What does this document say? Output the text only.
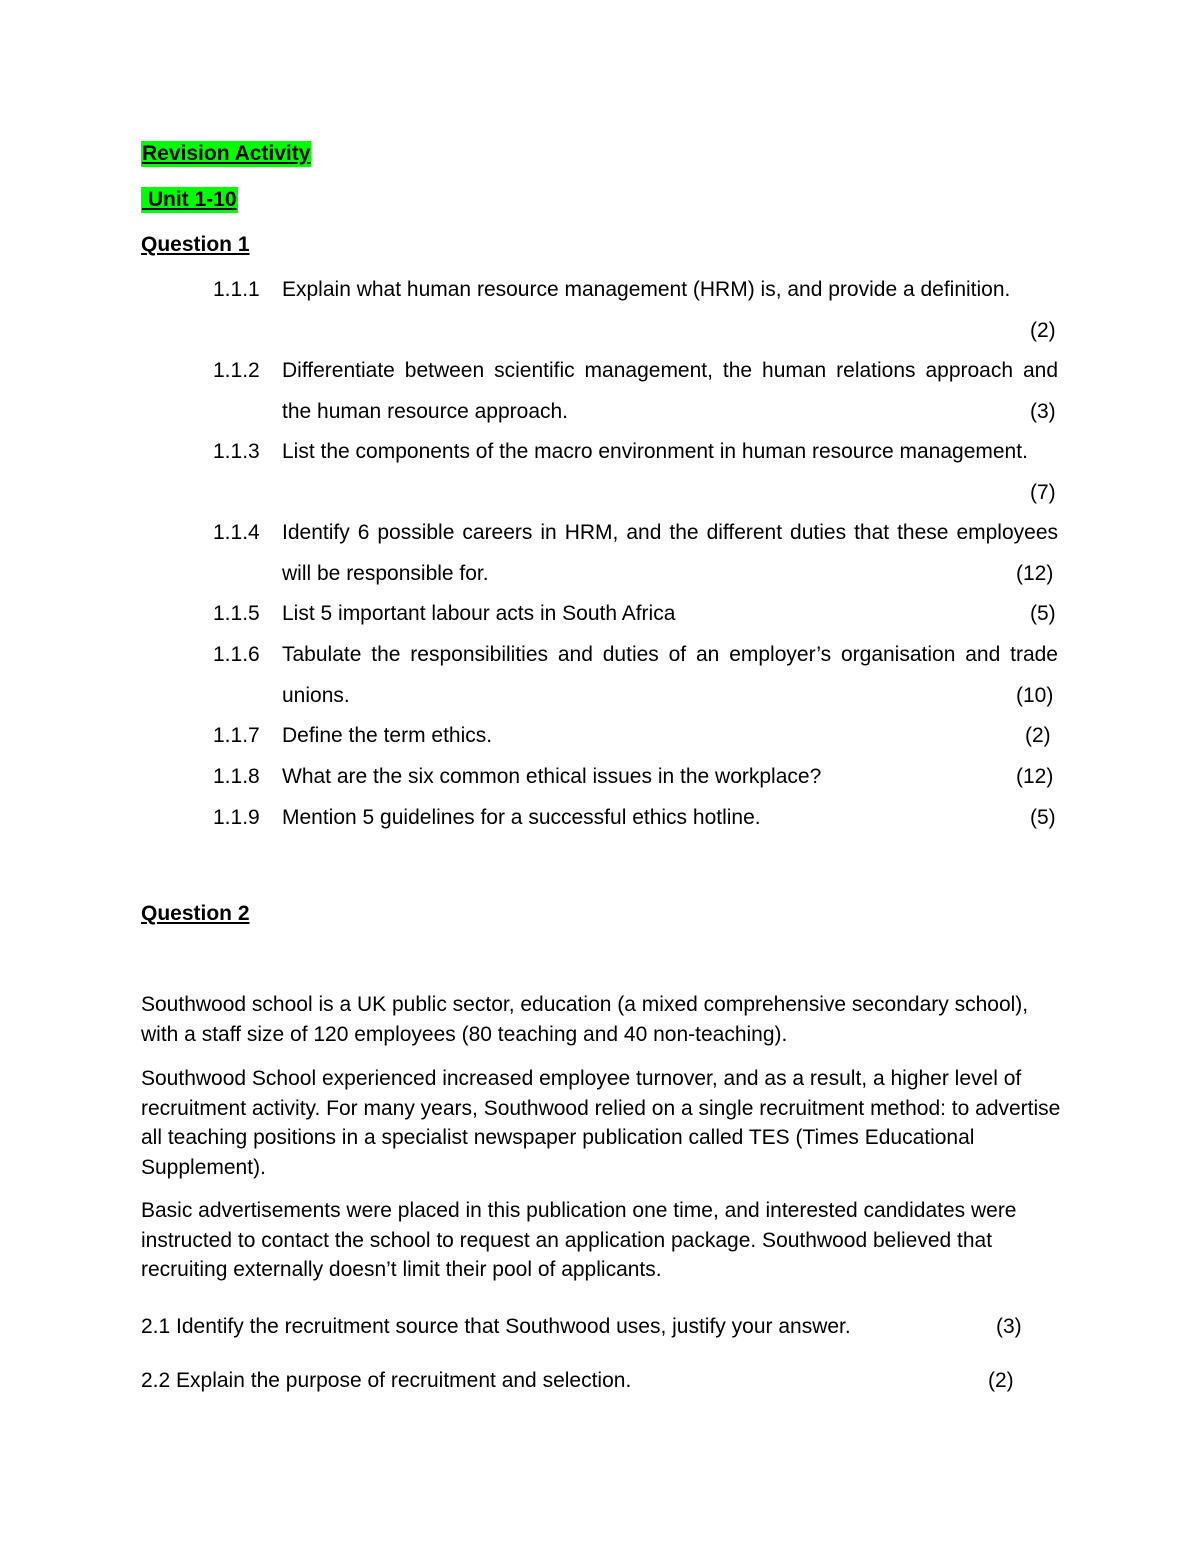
Revision Activity
Unit 1-10
Question 1
1.1.1 Explain what human resource management (HRM) is, and provide a definition.
(2)
1.1.2 Differentiate between scientific management, the human relations approach and the human resource approach.	(3)
1.1.3 List the components of the macro environment in human resource management.
(7)
1.1.4 Identify 6 possible careers in HRM, and the different duties that these employees will be responsible for.	(12)
1.1.5 List 5 important labour acts in South Africa	(5)
1.1.6 Tabulate the responsibilities and duties of an employer’s organisation and trade unions.	(10)
1.1.7 Define the term ethics.	(2)
1.1.8 What are the six common ethical issues in the workplace?	(12)
1.1.9 Mention 5 guidelines for a successful ethics hotline.	(5)
Question 2
Southwood school is a UK public sector, education (a mixed comprehensive secondary school), with a staff size of 120 employees (80 teaching and 40 non-teaching).
Southwood School experienced increased employee turnover, and as a result, a higher level of recruitment activity. For many years, Southwood relied on a single recruitment method: to advertise all teaching positions in a specialist newspaper publication called TES (Times Educational Supplement).
Basic advertisements were placed in this publication one time, and interested candidates were instructed to contact the school to request an application package. Southwood believed that recruiting externally doesn’t limit their pool of applicants.
2.1 Identify the recruitment source that Southwood uses, justify your answer.	(3)
2.2 Explain the purpose of recruitment and selection.	(2)
